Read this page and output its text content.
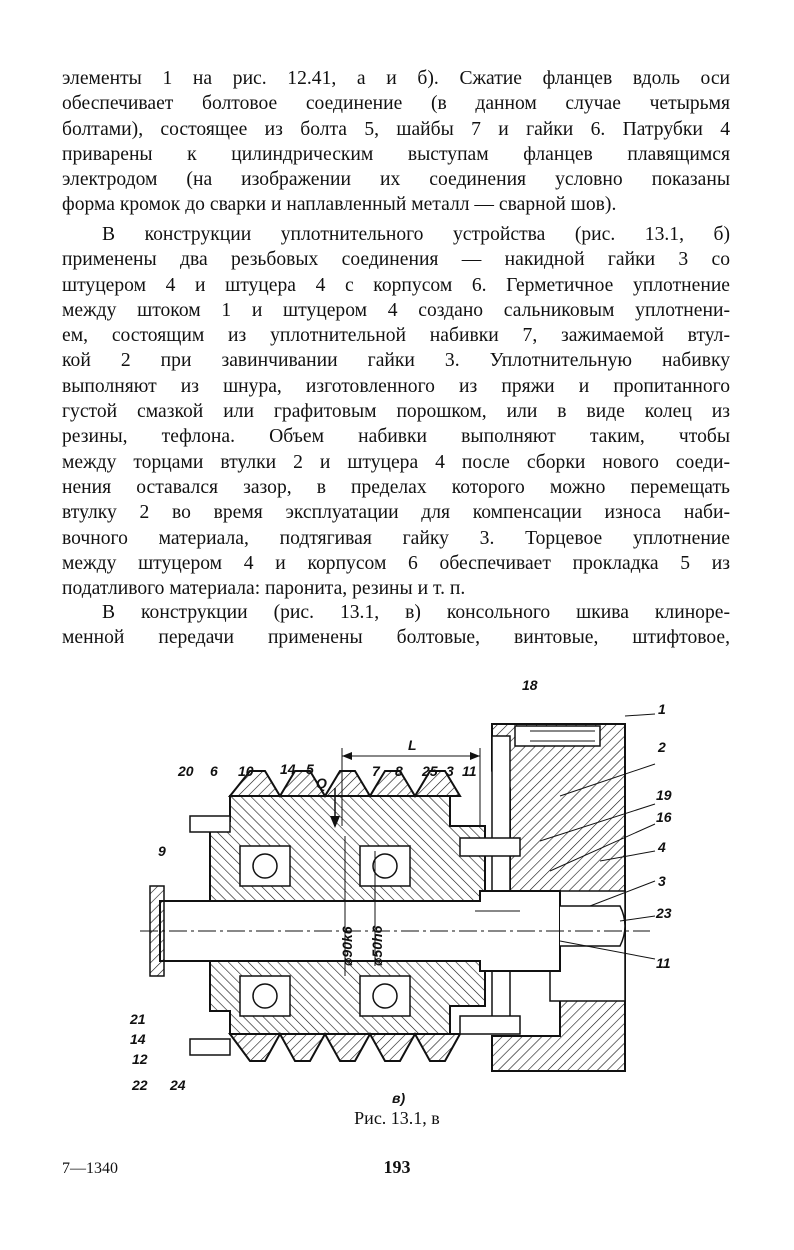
элементы 1 на рис. 12.41, а и б). Сжатие фланцев вдоль оси
обеспечивает болтовое соединение (в данном случае четырьмя
болтами), состоящее из болта 5, шайбы 7 и гайки 6. Патрубки 4
приварены к цилиндрическим выступам фланцев плавящимся
электродом (на изображении их соединения условно показаны
форма кромок до сварки и наплавленный металл — сварной шов).
В конструкции уплотнительного устройства (рис. 13.1, б)
применены два резьбовых соединения — накидной гайки 3 со
штуцером 4 и штуцера 4 с корпусом 6. Герметичное уплотнение
между штоком 1 и штуцером 4 создано сальниковым уплотнени-
ем, состоящим из уплотнительной набивки 7, зажимаемой втул-
кой 2 при завинчивании гайки 3. Уплотнительную набивку
выполняют из шнура, изготовленного из пряжи и пропитанного
густой смазкой или графитовым порошком, или в виде колец из
резины, тефлона. Объем набивки выполняют таким, чтобы
между торцами втулки 2 и штуцера 4 после сборки нового соеди-
нения оставался зазор, в пределах которого можно перемещать
втулку 2 во время эксплуатации для компенсации износа наби-
вочного материала, подтягивая гайку 3. Торцевое уплотнение
между штуцером 4 и корпусом 6 обеспечивает прокладка 5 из
податливого материала: паронита, резины и т. п.
В конструкции (рис. 13.1, в) консольного шкива клиноре-
менной передачи применены болтовые, винтовые, штифтовое,
18
1
2
19
16
4
3
23
11
20 6 10 14 5
Q
7 8 25 3 11
L
9
21
14
12
22 24
⌀90k6 ⌀50h6
в)
Рис. 13.1, в
7—1340	193
